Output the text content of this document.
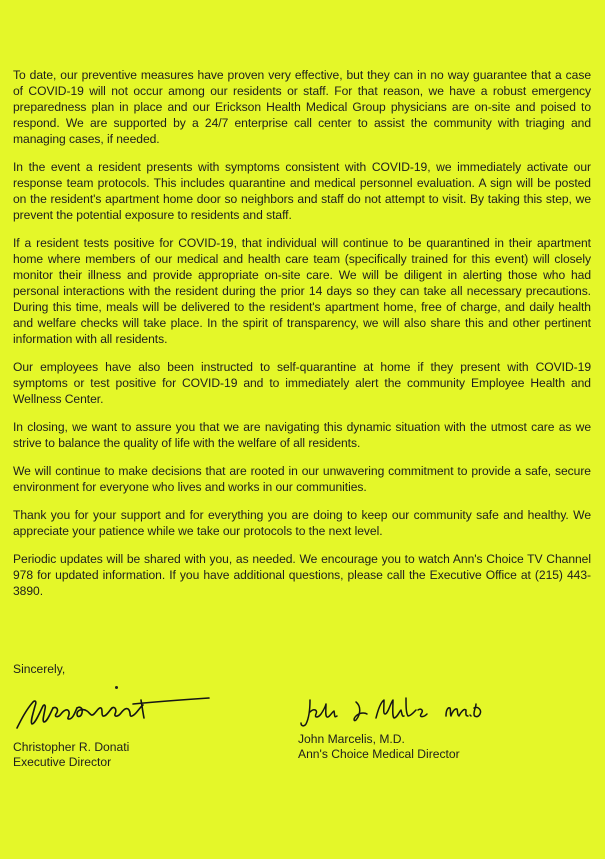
To date, our preventive measures have proven very effective, but they can in no way guarantee that a case of COVID-19 will not occur among our residents or staff. For that reason, we have a robust emergency preparedness plan in place and our Erickson Health Medical Group physicians are on-site and poised to respond. We are supported by a 24/7 enterprise call center to assist the community with triaging and managing cases, if needed.

In the event a resident presents with symptoms consistent with COVID-19, we immediately activate our response team protocols. This includes quarantine and medical personnel evaluation. A sign will be posted on the resident's apartment home door so neighbors and staff do not attempt to visit. By taking this step, we prevent the potential exposure to residents and staff.

If a resident tests positive for COVID-19, that individual will continue to be quarantined in their apartment home where members of our medical and health care team (specifically trained for this event) will closely monitor their illness and provide appropriate on-site care. We will be diligent in alerting those who had personal interactions with the resident during the prior 14 days so they can take all necessary precautions. During this time, meals will be delivered to the resident's apartment home, free of charge, and daily health and welfare checks will take place. In the spirit of transparency, we will also share this and other pertinent information with all residents.

Our employees have also been instructed to self-quarantine at home if they present with COVID-19 symptoms or test positive for COVID-19 and to immediately alert the community Employee Health and Wellness Center.

In closing, we want to assure you that we are navigating this dynamic situation with the utmost care as we strive to balance the quality of life with the welfare of all residents.

We will continue to make decisions that are rooted in our unwavering commitment to provide a safe, secure environment for everyone who lives and works in our communities.

Thank you for your support and for everything you are doing to keep our community safe and healthy. We appreciate your patience while we take our protocols to the next level.

Periodic updates will be shared with you, as needed. We encourage you to watch Ann's Choice TV Channel 978 for updated information. If you have additional questions, please call the Executive Office at (215) 443-3890.

Sincerely,
Christopher R. Donati
Executive Director
John Marcelis, M.D.
Ann's Choice Medical Director
